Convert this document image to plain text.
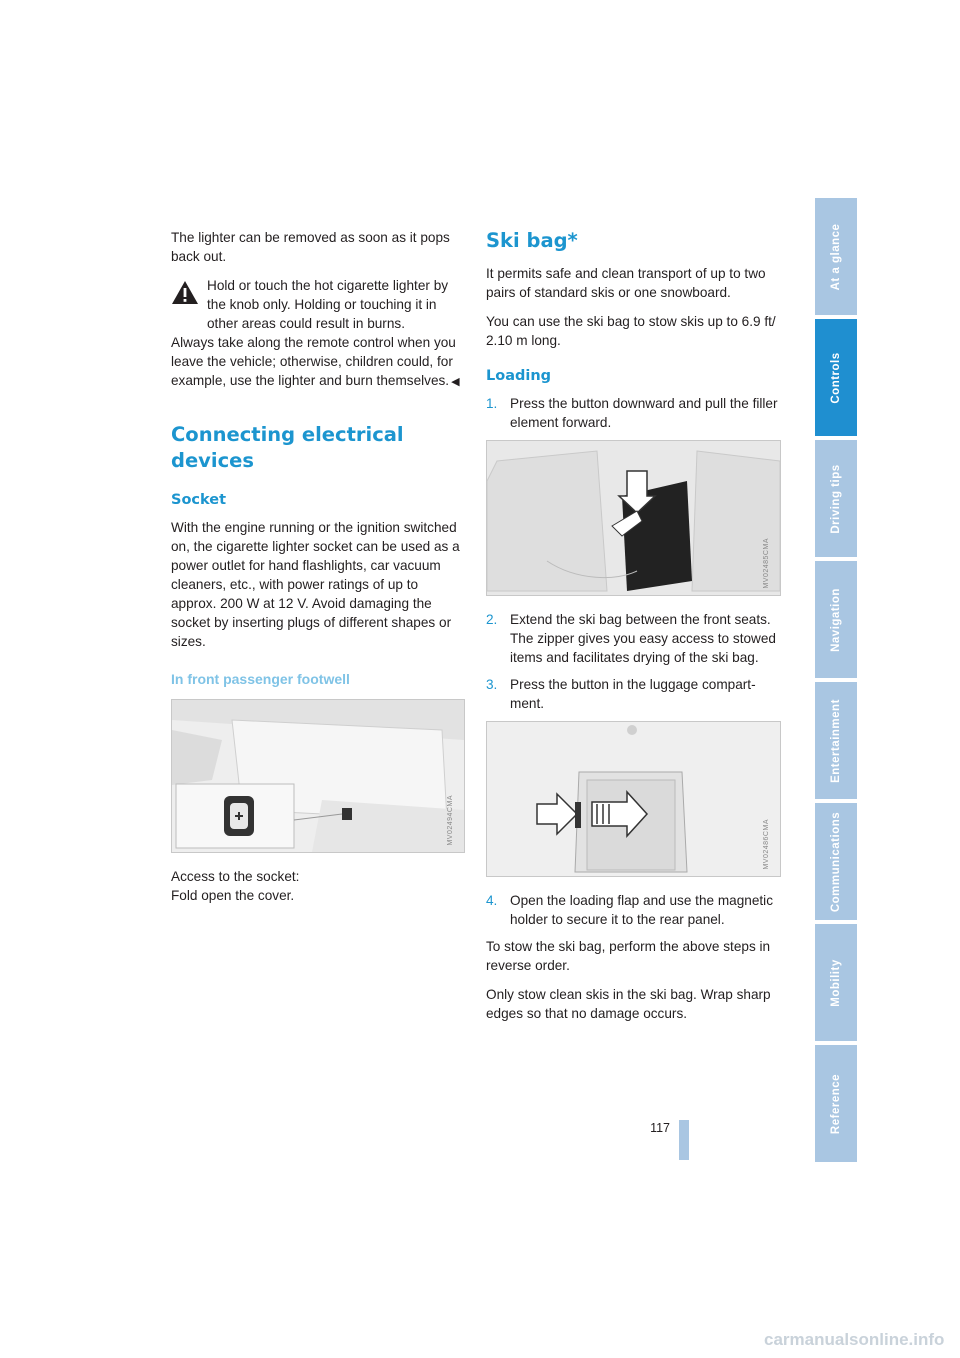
The lighter can be removed as soon as it pops back out.

Hold or touch the hot cigarette lighter by the knob only. Holding or touching it in other areas could result in burns.

Always take along the remote control when you leave the vehicle; otherwise, children could, for example, use the lighter and burn themselves. ◀

Connecting electrical devices
Socket

With the engine running or the ignition switched on, the cigarette lighter socket can be used as a power outlet for hand flashlights, car vacuum cleaners, etc., with power ratings of up to approx. 200 W at 12 V. Avoid damaging the socket by inserting plugs of different shapes or sizes.

In front passenger footwell
MV02494CMA

Access to the socket:

Fold open the cover.

Ski bag*

It permits safe and clean transport of up to two pairs of standard skis or one snowboard.

You can use the ski bag to stow skis up to 6.9 ft/ 2.10 m long.

Loading
1. Press the button downward and pull the filler element forward.
MV02485CMA
2. Extend the ski bag between the front seats. The zipper gives you easy access to stowed items and facilitates drying of the ski bag.
3. Press the button in the luggage compart-ment.
MV02486CMA
4. Open the loading flap and use the magnetic holder to secure it to the rear panel.

To stow the ski bag, perform the above steps in reverse order.

Only stow clean skis in the ski bag. Wrap sharp edges so that no damage occurs.

At a glance
Controls
Driving tips
Navigation
Entertainment
Communications
Mobility
Reference
117
carmanualsonline.info
